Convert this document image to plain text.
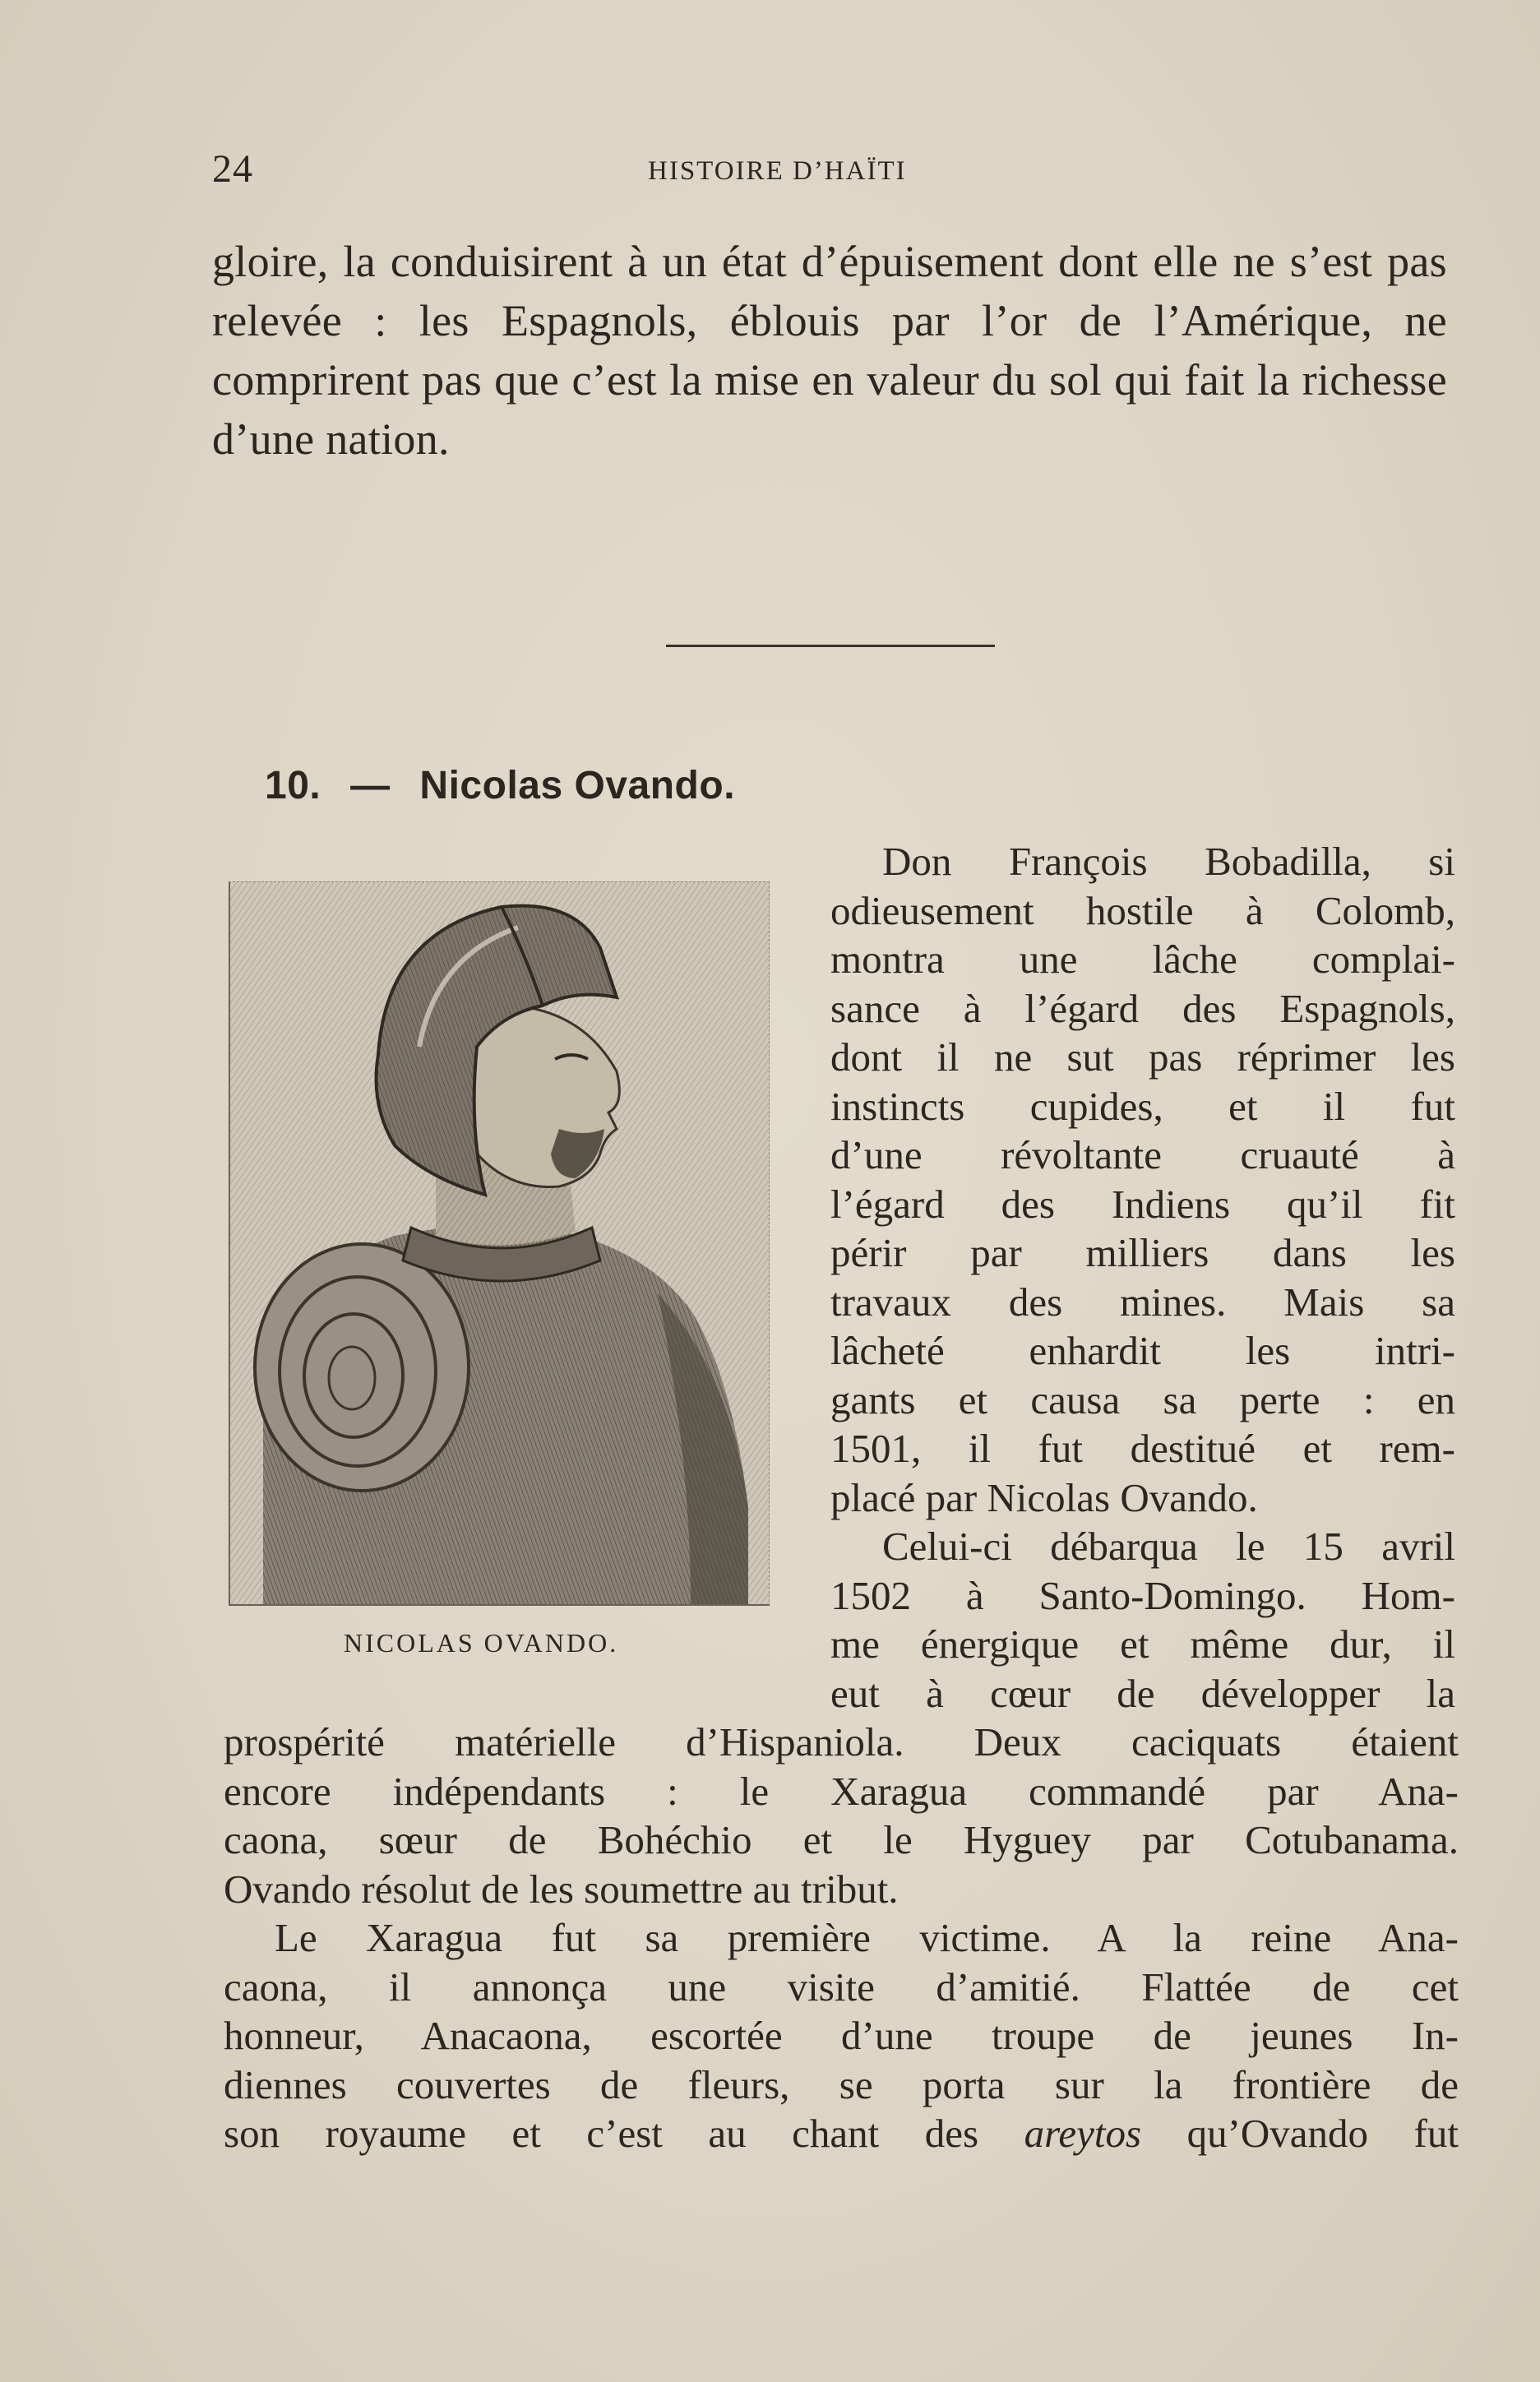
24	HISTOIRE D’HAÏTI

gloire, la conduisirent à un état d’épuisement dont elle ne s’est pas relevée : les Espagnols, éblouis par l’or de l’Amérique, ne comprirent pas que c’est la mise en valeur du sol qui fait la richesse d’une nation.

10. — Nicolas Ovando.
NICOLAS OVANDO.
Don François Bobadilla, si
odieusement hostile à Colomb,
montra une lâche complai-
sance à l’égard des Espagnols,
dont il ne sut pas réprimer les
instincts cupides, et il fut
d’une révoltante cruauté à
l’égard des Indiens qu’il fit
périr par milliers dans les
travaux des mines. Mais sa
lâcheté enhardit les intri-
gants et causa sa perte : en
1501, il fut destitué et rem-
placé par Nicolas Ovando.
Celui-ci débarqua le 15 avril
1502 à Santo-Domingo. Hom-
me énergique et même dur, il
eut à cœur de développer la
prospérité matérielle d’Hispaniola. Deux caciquats étaient
encore indépendants : le Xaragua commandé par Ana-
caona, sœur de Bohéchio et le Hyguey par Cotubanama.
Ovando résolut de les soumettre au tribut.
Le Xaragua fut sa première victime. A la reine Ana-
caona, il annonça une visite d’amitié. Flattée de cet
honneur, Anacaona, escortée d’une troupe de jeunes In-
diennes couvertes de fleurs, se porta sur la frontière de
son royaume et c’est au chant des areytos qu’Ovando fut
